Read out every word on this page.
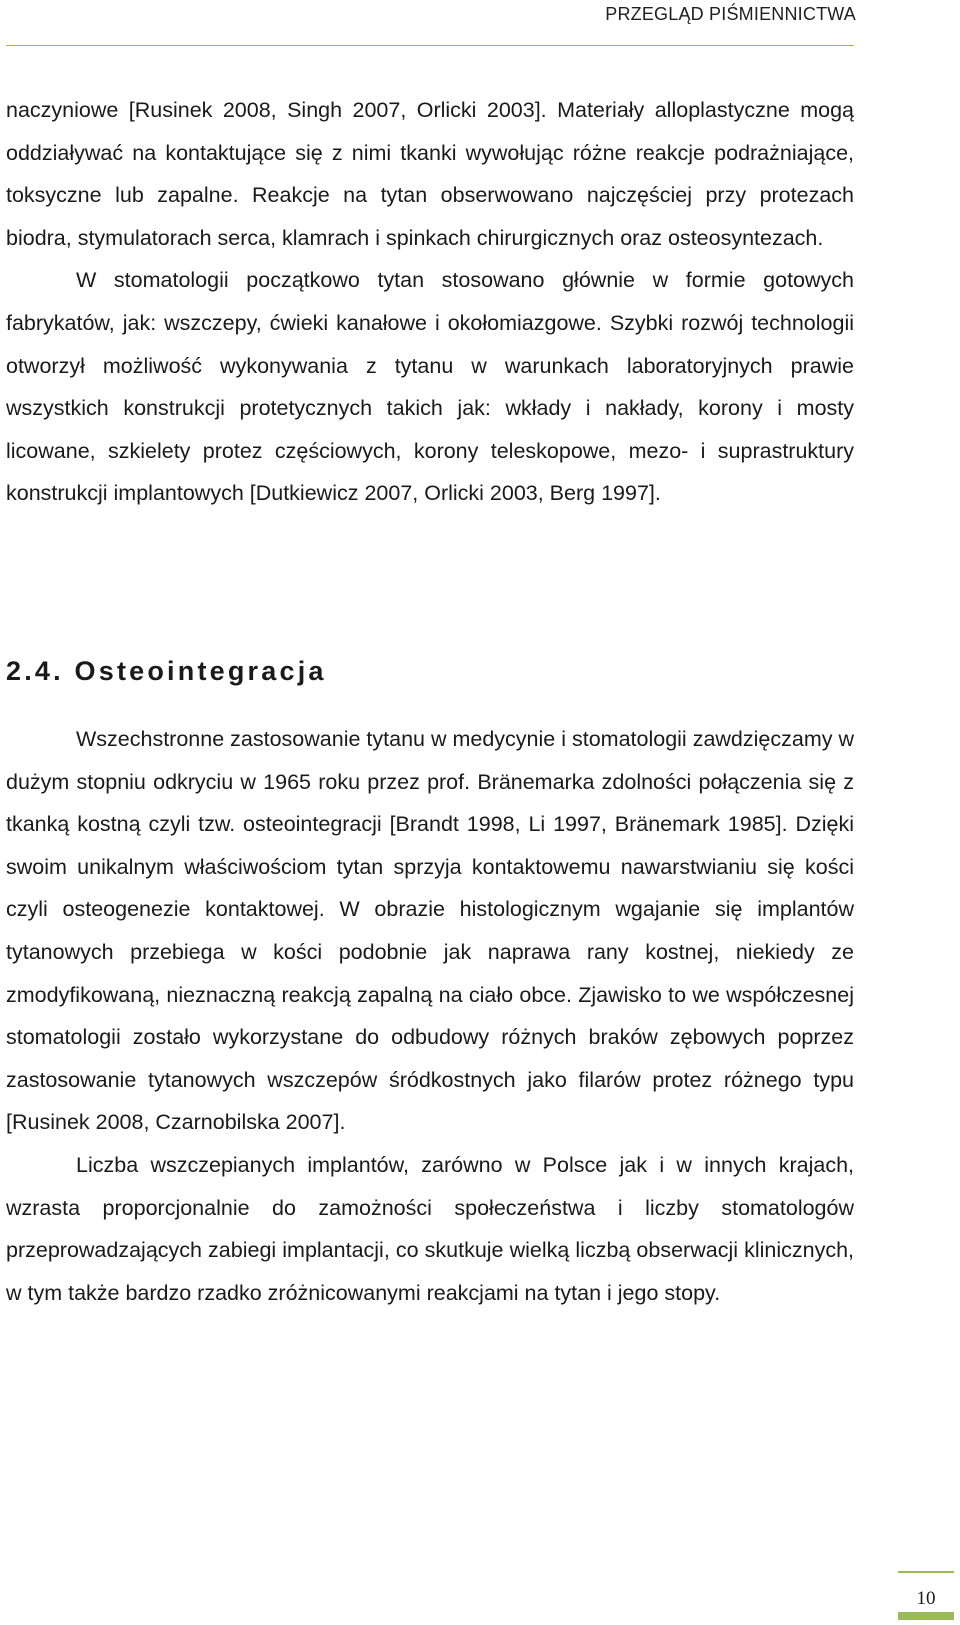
PRZEGLĄD PIŚMIENNICTWA

naczyniowe [Rusinek 2008, Singh 2007, Orlicki 2003]. Materiały alloplastyczne mogą oddziaływać na kontaktujące się z nimi tkanki wywołując różne reakcje podrażniające, toksyczne lub zapalne. Reakcje na tytan obserwowano najczęściej przy protezach biodra, stymulatorach serca, klamrach i spinkach chirurgicznych oraz osteosyntezach.

W stomatologii początkowo tytan stosowano głównie w formie gotowych fabrykatów, jak: wszczepy, ćwieki kanałowe i okołomiazgowe. Szybki rozwój technologii otworzył możliwość wykonywania z tytanu w warunkach laboratoryjnych prawie wszystkich konstrukcji protetycznych takich jak: wkłady i nakłady, korony i mosty licowane, szkielety protez częściowych, korony teleskopowe, mezo- i suprastruktury konstrukcji implantowych [Dutkiewicz 2007, Orlicki 2003, Berg 1997].

2.4. Osteointegracja

Wszechstronne zastosowanie tytanu w medycynie i stomatologii zawdzięczamy w dużym stopniu odkryciu w 1965 roku przez prof. Bränemarka zdolności połączenia się z tkanką kostną czyli tzw. osteointegracji [Brandt 1998, Li 1997, Bränemark 1985]. Dzięki swoim unikalnym właściwościom tytan sprzyja kontaktowemu nawarstwianiu się kości czyli osteogenezie kontaktowej. W obrazie histologicznym wgajanie się implantów tytanowych przebiega w kości podobnie jak naprawa rany kostnej, niekiedy ze zmodyfikowaną, nieznaczną reakcją zapalną na ciało obce. Zjawisko to we współczesnej stomatologii zostało wykorzystane do odbudowy różnych braków zębowych poprzez zastosowanie tytanowych wszczepów śródkostnych jako filarów protez różnego typu [Rusinek 2008, Czarnobilska 2007].

Liczba wszczepianych implantów, zarówno w Polsce jak i w innych krajach, wzrasta proporcjonalnie do zamożności społeczeństwa i liczby stomatologów przeprowadzających zabiegi implantacji, co skutkuje wielką liczbą obserwacji klinicznych, w tym także bardzo rzadko zróżnicowanymi reakcjami na tytan i jego stopy.

10
